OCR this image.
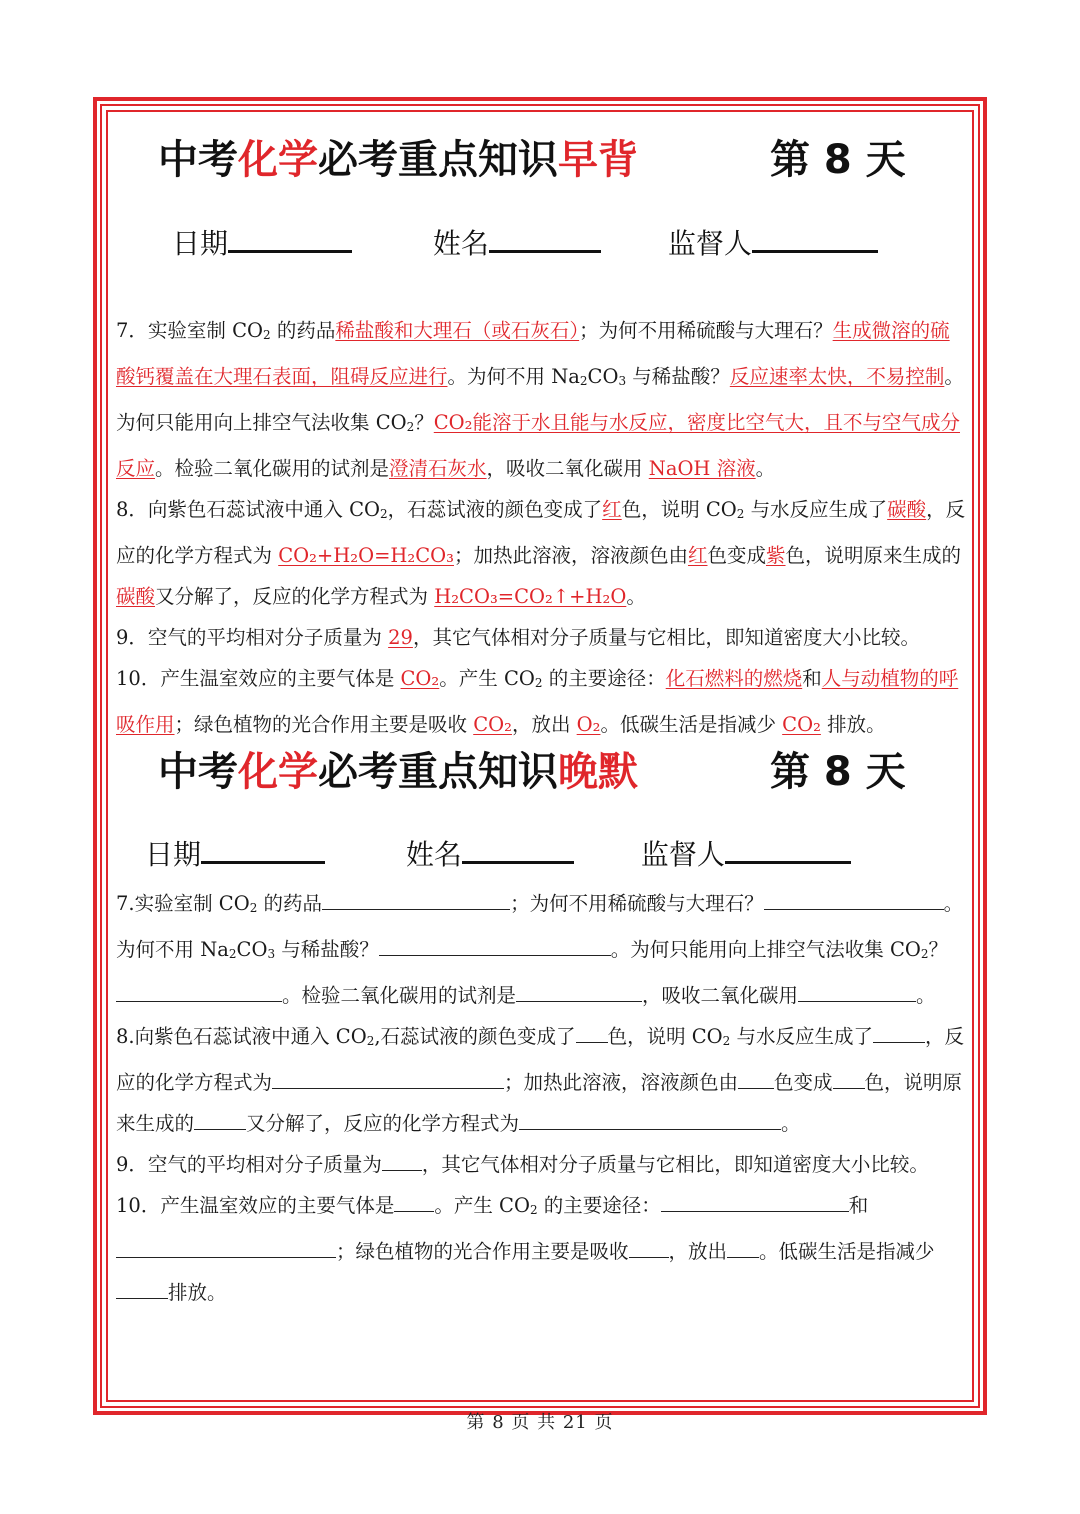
中考化学必考重点知识早背	第 8 天
日期	姓名	监督人

7．实验室制 $CO_2$ 的药品稀盐酸和大理石（或石灰石）；为何不用稀硫酸与大理石？生成微溶的硫酸钙覆盖在大理石表面，阻碍反应进行。为何不用 $Na_2CO_3$ 与稀盐酸？反应速率太快，不易控制。为何只能用向上排空气法收集 $CO_2$？CO₂能溶于水且能与水反应，密度比空气大，且不与空气成分反应。检验二氧化碳用的试剂是澄清石灰水，吸收二氧化碳用 NaOH 溶液。

8．向紫色石蕊试液中通入 $CO_2$，石蕊试液的颜色变成了红色，说明 $CO_2$ 与水反应生成了碳酸，反应的化学方程式为 CO₂+H₂O=H₂CO₃；加热此溶液，溶液颜色由红色变成紫色，说明原来生成的碳酸又分解了，反应的化学方程式为 H₂CO₃=CO₂↑+H₂O。

9．空气的平均相对分子质量为 29，其它气体相对分子质量与它相比，即知道密度大小比较。

10．产生温室效应的主要气体是 CO₂。产生 $CO_2$ 的主要途径：化石燃料的燃烧和人与动植物的呼吸作用；绿色植物的光合作用主要是吸收 CO₂，放出 O₂。低碳生活是指减少 CO₂ 排放。

中考化学必考重点知识晚默	第 8 天
日期	姓名	监督人

7.实验室制 $CO_2$ 的药品	；为何不用稀硫酸与大理石？	。为何不用 $Na_2CO_3$ 与稀盐酸？	。为何只能用向上排空气法收集 $CO_2$？。检验二氧化碳用的试剂是	，吸收二氧化碳用	。

8.向紫色石蕊试液中通入 $CO_2$,石蕊试液的颜色变成了 色，说明 $CO_2$ 与水反应生成了	，反应的化学方程式为	；加热此溶液，溶液颜色由 色变成 色，说明原来生成的	又分解了，反应的化学方程式为	。

9．空气的平均相对分子质量为 ，其它气体相对分子质量与它相比，即知道密度大小比较。

10．产生温室效应的主要气体是 。产生 $CO_2$ 的主要途径：	和；绿色植物的光合作用主要是吸收 ，放出 。低碳生活是指减少排放。

第 8 页 共 21 页
